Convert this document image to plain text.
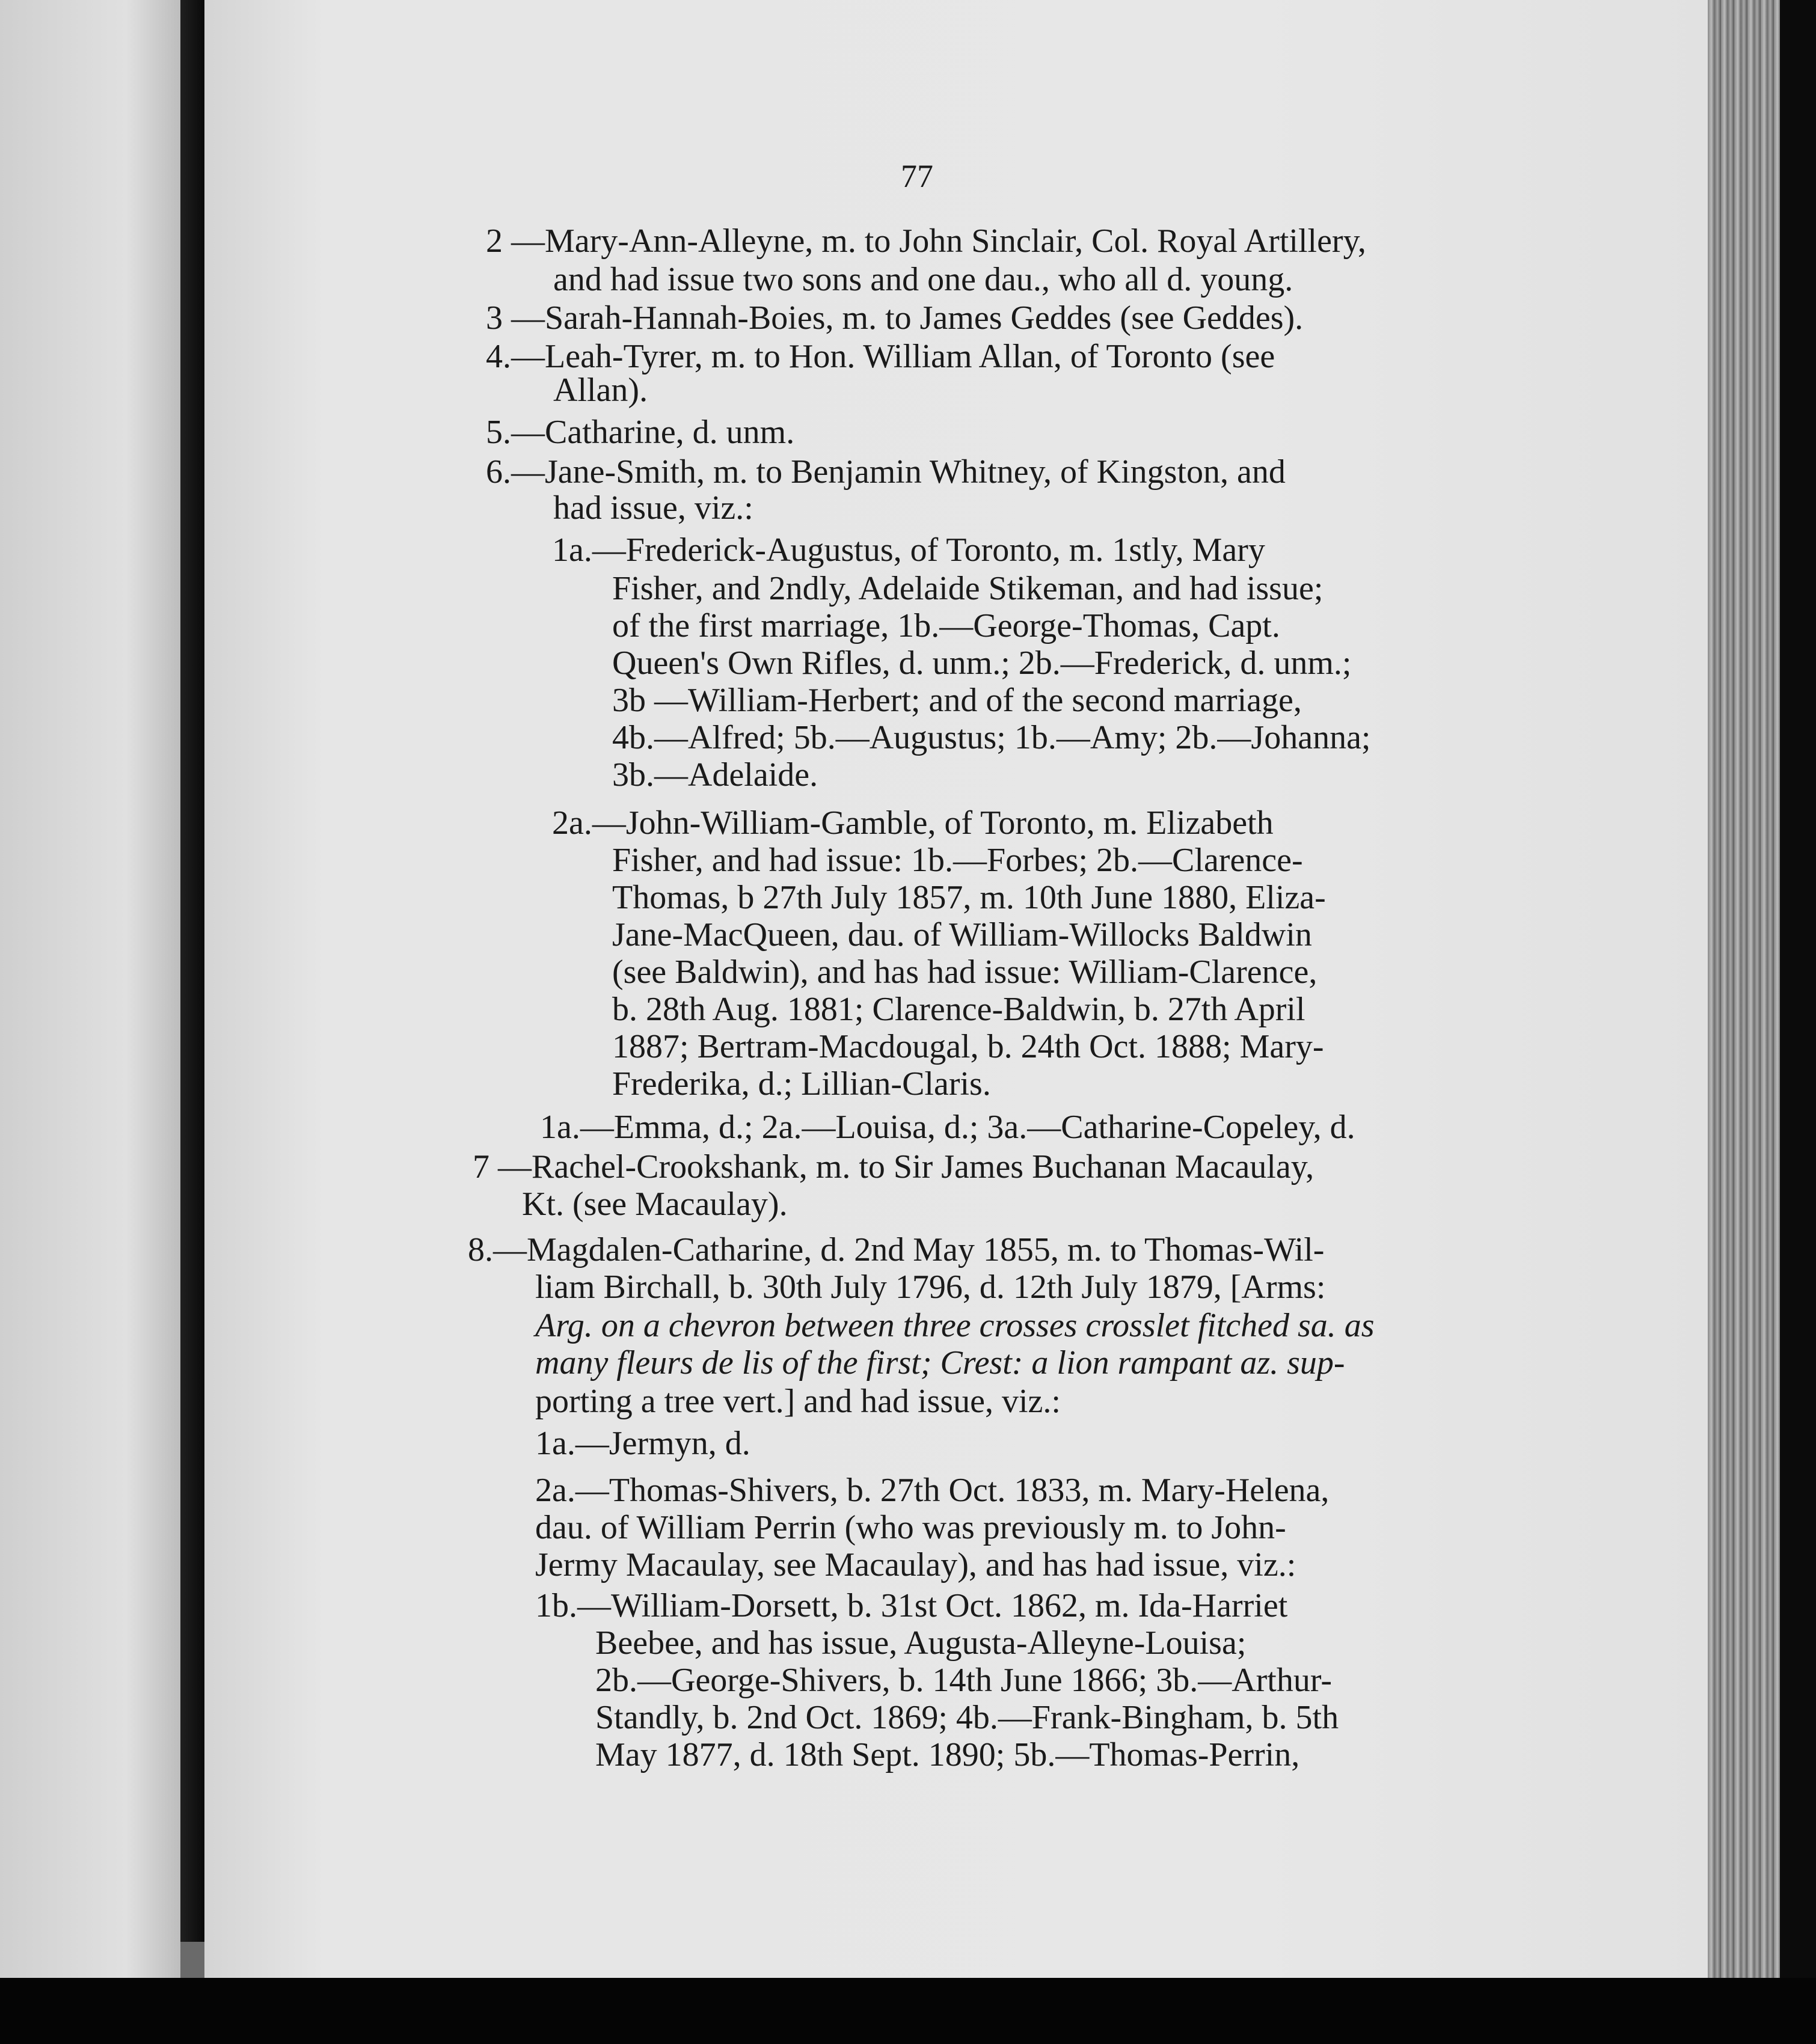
77
2 —Mary-Ann-Alleyne, m. to John Sinclair, Col. Royal Artillery,
and had issue two sons and one dau., who all d. young.
3 —Sarah-Hannah-Boies, m. to James Geddes (see Geddes).
4.—Leah-Tyrer, m. to Hon. William Allan, of Toronto (see
Allan).
5.—Catharine, d. unm.
6.—Jane-Smith, m. to Benjamin Whitney, of Kingston, and
had issue, viz.:
1a.—Frederick-Augustus, of Toronto, m. 1stly, Mary
Fisher, and 2ndly, Adelaide Stikeman, and had issue;
of the first marriage, 1b.—George-Thomas, Capt.
Queen's Own Rifles, d. unm.; 2b.—Frederick, d. unm.;
3b —William-Herbert; and of the second marriage,
4b.—Alfred; 5b.—Augustus; 1b.—Amy; 2b.—Johanna;
3b.—Adelaide.
2a.—John-William-Gamble, of Toronto, m. Elizabeth
Fisher, and had issue: 1b.—Forbes; 2b.—Clarence-
Thomas, b 27th July 1857, m. 10th June 1880, Eliza-
Jane-MacQueen, dau. of William-Willocks Baldwin
(see Baldwin), and has had issue: William-Clarence,
b. 28th Aug. 1881; Clarence-Baldwin, b. 27th April
1887; Bertram-Macdougal, b. 24th Oct. 1888; Mary-
Frederika, d.; Lillian-Claris.
1a.—Emma, d.; 2a.—Louisa, d.; 3a.—Catharine-Copeley, d.
7 —Rachel-Crookshank, m. to Sir James Buchanan Macaulay,
Kt. (see Macaulay).
8.—Magdalen-Catharine, d. 2nd May 1855, m. to Thomas-Wil-
liam Birchall, b. 30th July 1796, d. 12th July 1879, [Arms:
Arg. on a chevron between three crosses crosslet fitched sa. as
many fleurs de lis of the first; Crest: a lion rampant az. sup-
porting a tree vert.] and had issue, viz.:
1a.—Jermyn, d.
2a.—Thomas-Shivers, b. 27th Oct. 1833, m. Mary-Helena,
dau. of William Perrin (who was previously m. to John-
Jermy Macaulay, see Macaulay), and has had issue, viz.:
1b.—William-Dorsett, b. 31st Oct. 1862, m. Ida-Harriet
Beebee, and has issue, Augusta-Alleyne-Louisa;
2b.—George-Shivers, b. 14th June 1866; 3b.—Arthur-
Standly, b. 2nd Oct. 1869; 4b.—Frank-Bingham, b. 5th
May 1877, d. 18th Sept. 1890; 5b.—Thomas-Perrin,
